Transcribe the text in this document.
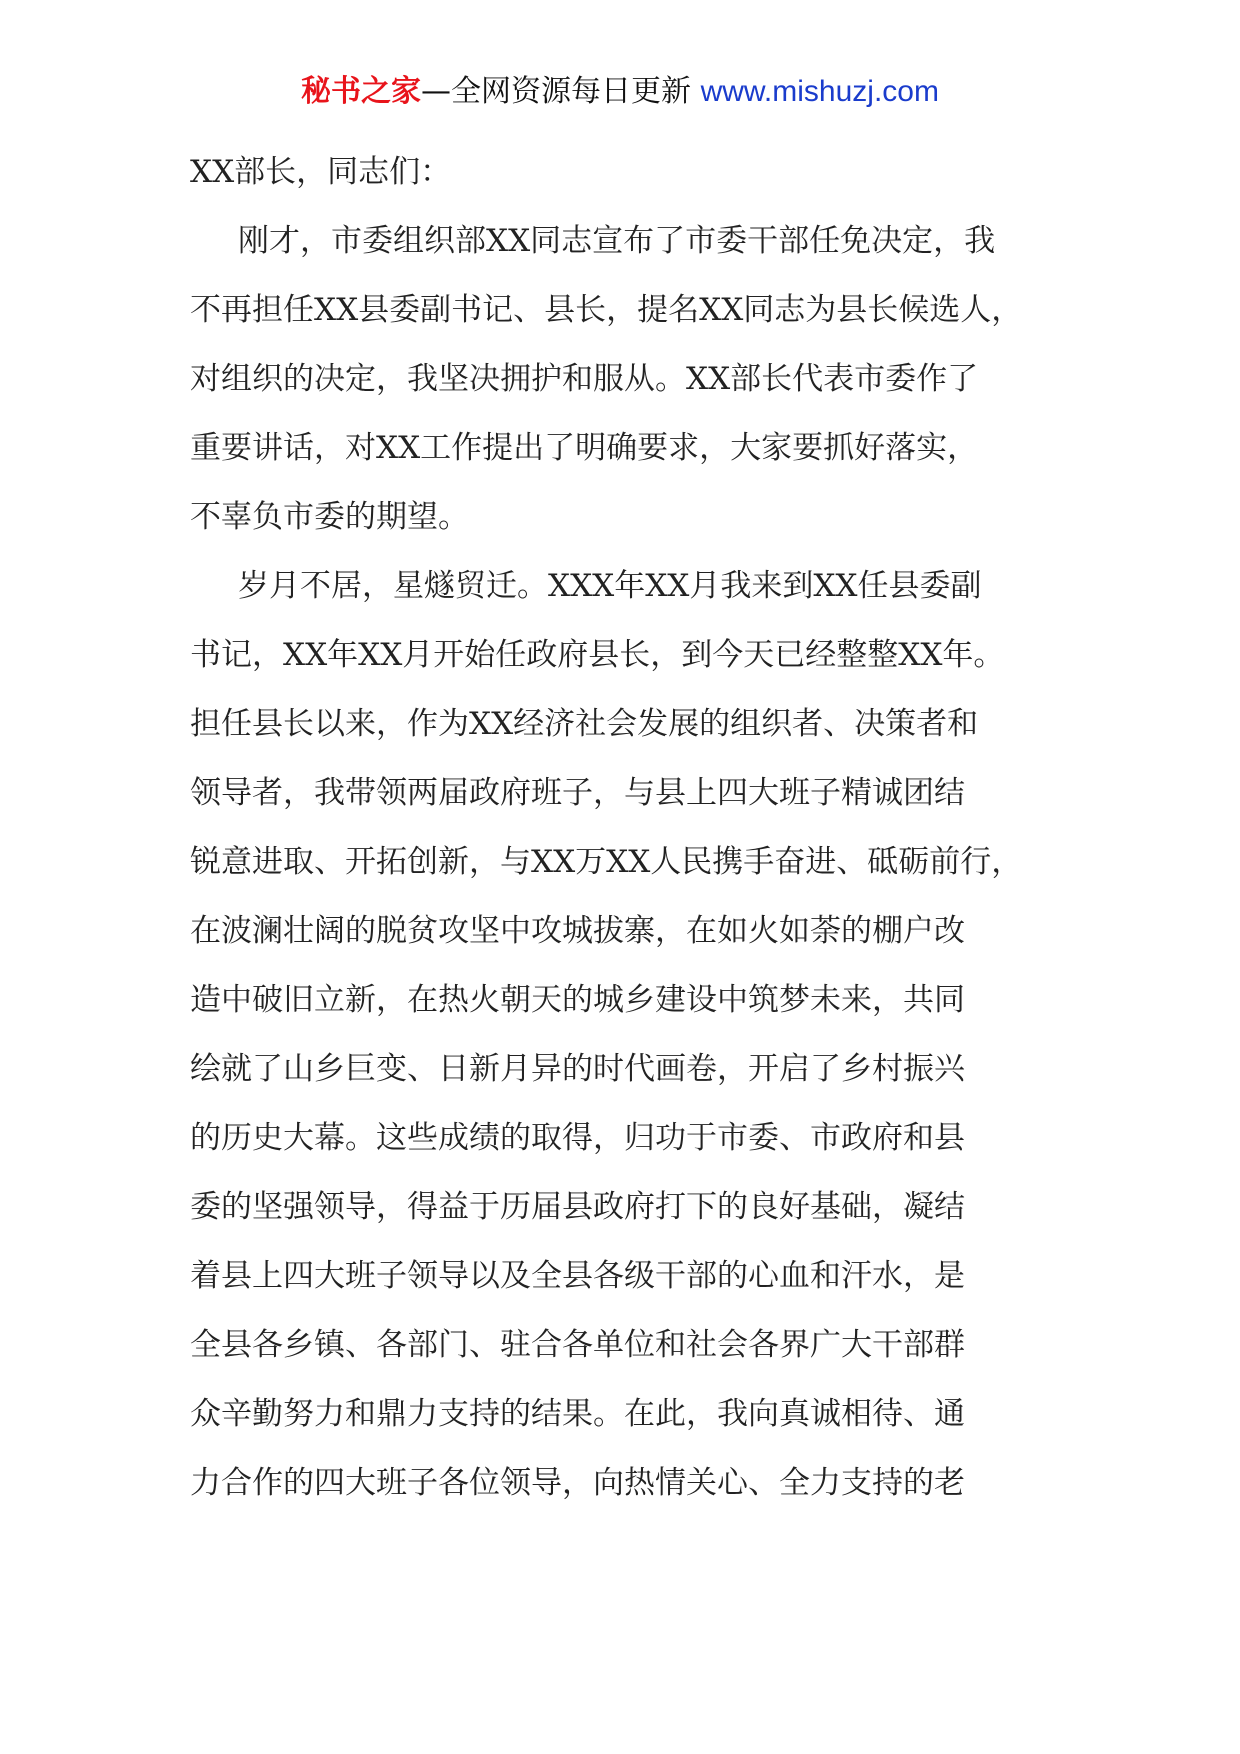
秘书之家—全网资源每日更新 www.mishuzj.com
XX部长，同志们：

刚才，市委组织部XX同志宣布了市委干部任免决定，我
不再担任XX县委副书记、县长，提名XX同志为县长候选人，
对组织的决定，我坚决拥护和服从。XX部长代表市委作了
重要讲话，对XX工作提出了明确要求，大家要抓好落实，
不辜负市委的期望。

岁月不居，星燧贸迁。XXX年XX月我来到XX任县委副
书记，XX年XX月开始任政府县长，到今天已经整整XX年。
担任县长以来，作为XX经济社会发展的组织者、决策者和
领导者，我带领两届政府班子，与县上四大班子精诚团结
锐意进取、开拓创新，与XX万XX人民携手奋进、砥砺前行，
在波澜壮阔的脱贫攻坚中攻城拔寨，在如火如荼的棚户改
造中破旧立新，在热火朝天的城乡建设中筑梦未来，共同
绘就了山乡巨变、日新月异的时代画卷，开启了乡村振兴
的历史大幕。这些成绩的取得，归功于市委、市政府和县
委的坚强领导，得益于历届县政府打下的良好基础，凝结
着县上四大班子领导以及全县各级干部的心血和汗水，是
全县各乡镇、各部门、驻合各单位和社会各界广大干部群
众辛勤努力和鼎力支持的结果。在此，我向真诚相待、通
力合作的四大班子各位领导，向热情关心、全力支持的老
